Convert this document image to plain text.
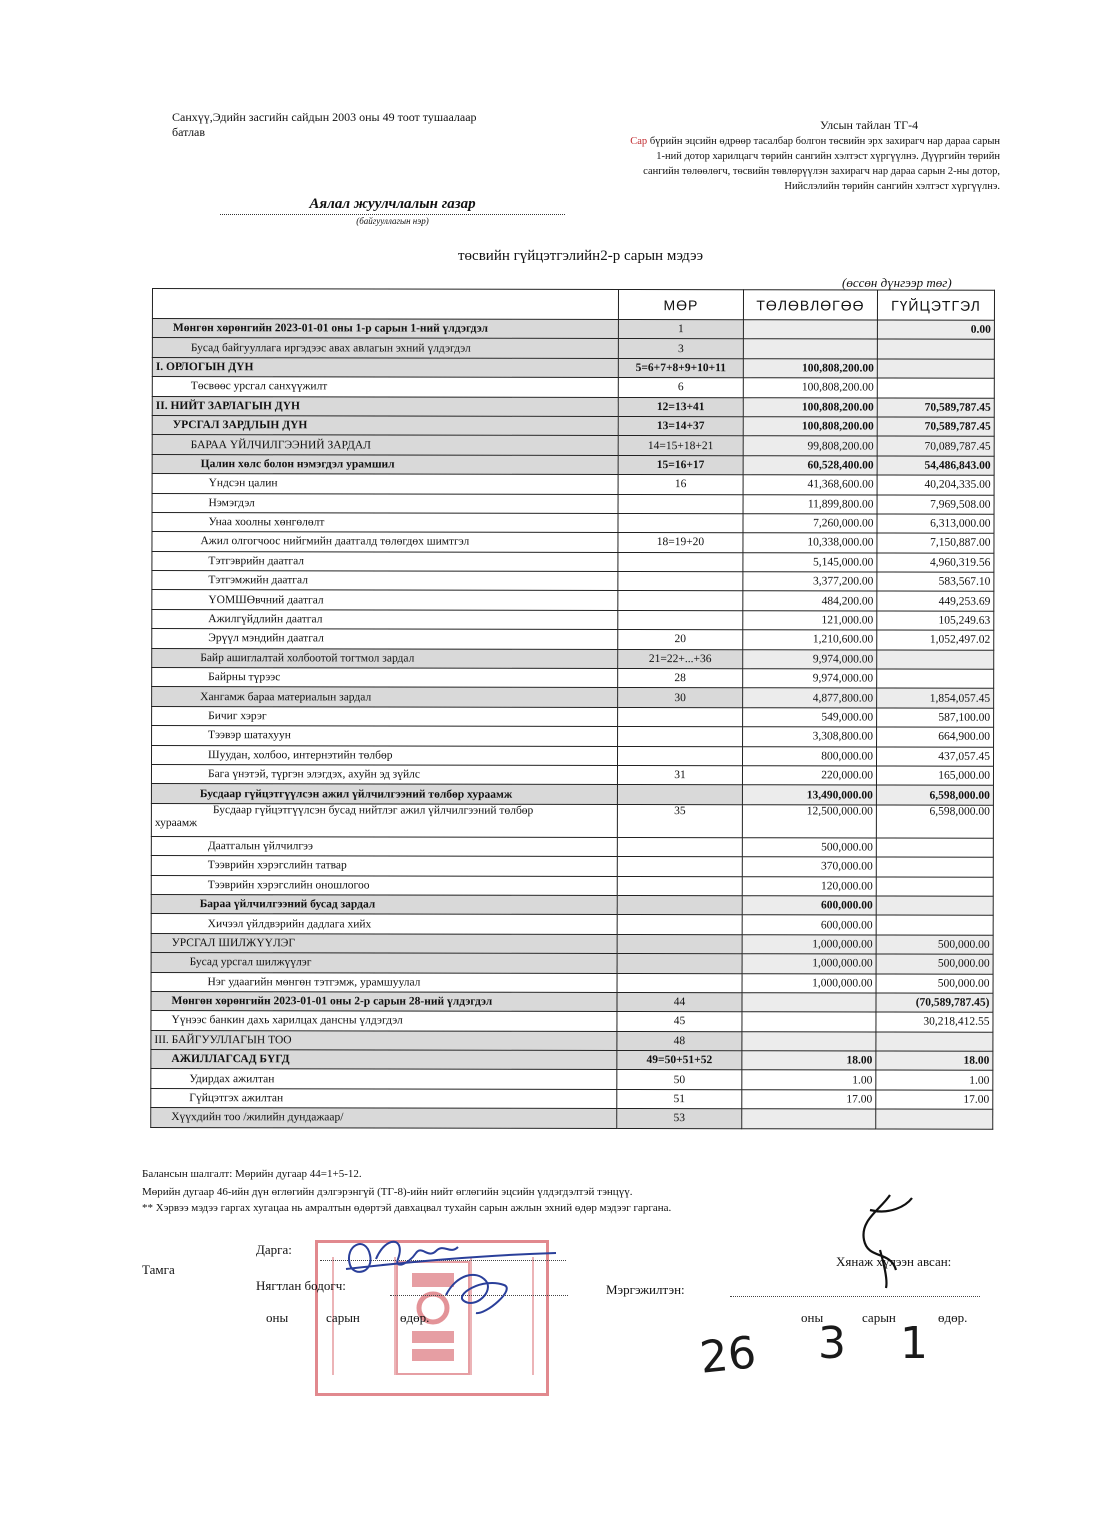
Санхүү,Эдийн засгийн сайдын 2003 оны 49 тоот тушаалаар
батлав	Улсын тайлан ТГ-4
Сар бүрийн эцсийн өдрөөр тасалбар болгон төсвийн эрх захирагч нар дараа сарын
1-ний дотор харилцагч төрийн сангийн хэлтэст хүргүүлнэ. Дүүргийн төрийн
сангийн төлөөлөгч, төсвийн төвлөрүүлэн захирагч нар дараа сарын 2-ны дотор,
Нийслэлийн төрийн сангийн хэлтэст хүргүүлнэ.
Аялал жуулчлалын газар
(байгууллагын нэр)
төсвийн гүйцэтгэлийн2-р сарын мэдээ
(өссөн дүнгээр төг)
	МӨР	ТӨЛӨВЛӨГӨӨ	ГҮЙЦЭТГЭЛ
Мөнгөн хөрөнгийн 2023-01-01 оны 1-р сарын 1-ний үлдэгдэл	1		0.00
Бусад байгууллага иргэдээс авах авлагын эхний үлдэгдэл	3		
I. ОРЛОГЫН ДҮН	5=6+7+8+9+10+11	100,808,200.00	
Төсвөөс урсгал санхүүжилт	6	100,808,200.00	
II. НИЙТ ЗАРЛАГЫН ДҮН	12=13+41	100,808,200.00	70,589,787.45
УРСГАЛ ЗАРДЛЫН ДҮН	13=14+37	100,808,200.00	70,589,787.45
БАРАА ҮЙЛЧИЛГЭЭНИЙ ЗАРДАЛ	14=15+18+21	99,808,200.00	70,089,787.45
Цалин хөлс болон нэмэгдэл урамшил	15=16+17	60,528,400.00	54,486,843.00
Үндсэн цалин	16	41,368,600.00	40,204,335.00
Нэмэгдэл		11,899,800.00	7,969,508.00
Унаа хоолны хөнгөлөлт		7,260,000.00	6,313,000.00
Ажил олгогчоос нийгмийн даатгалд төлөгдөх шимтгэл	18=19+20	10,338,000.00	7,150,887.00
Тэтгэврийн даатгал		5,145,000.00	4,960,319.56
Тэтгэмжийн даатгал		3,377,200.00	583,567.10
ҮОМШӨвчний даатгал		484,200.00	449,253.69
Ажилгүйдлийн даатгал		121,000.00	105,249.63
Эрүүл мэндийн даатгал	20	1,210,600.00	1,052,497.02
Байр ашиглалтай холбоотой тогтмол зардал	21=22+...+36	9,974,000.00	
Байрны түрээс	28	9,974,000.00	
Хангамж бараа материалын зардал	30	4,877,800.00	1,854,057.45
Бичиг хэрэг		549,000.00	587,100.00
Тээвэр шатахуун		3,308,800.00	664,900.00
Шуудан, холбоо, интернэтийн төлбөр		800,000.00	437,057.45
Бага үнэтэй, түргэн элэгдэх, ахуйн эд зүйлс	31	220,000.00	165,000.00
Бусдаар гүйцэтгүүлсэн ажил үйлчилгээний төлбөр хураамж		13,490,000.00	6,598,000.00

Бусдаар гүйцэтгүүлсэн бусад нийтлэг ажил үйлчилгээний төлбөр
хураамж	35	12,500,000.00	6,598,000.00
Даатгалын үйлчилгээ		500,000.00	
Тээврийн хэрэгслийн татвар		370,000.00	
Тээврийн хэрэгслийн оношлогоо		120,000.00	
Бараа үйлчилгээний бусад зардал		600,000.00	
Хичээл үйлдвэрийн дадлага хийх		600,000.00	
УРСГАЛ ШИЛЖҮҮЛЭГ		1,000,000.00	500,000.00
Бусад урсгал шилжүүлэг		1,000,000.00	500,000.00
Нэг удаагийн мөнгөн тэтгэмж, урамшуулал		1,000,000.00	500,000.00
Мөнгөн хөрөнгийн 2023-01-01 оны 2-р сарын 28-ний үлдэгдэл	44		(70,589,787.45)
Үүнээс банкин дахь харилцах дансны үлдэгдэл	45		30,218,412.55
III. БАЙГУУЛЛАГЫН ТОО	48		
АЖИЛЛАГСАД БҮГД	49=50+51+52	18.00	18.00
Удирдах ажилтан	50	1.00	1.00
Гүйцэтгэх ажилтан	51	17.00	17.00
Хүүхдийн тоо /жилийн дундажаар/	53		
Балансын шалгалт: Мөрийн дугаар 44=1+5-12.
Мөрийн дугаар 46-ийн дүн өглөгийн дэлгэрэнгүй (ТГ-8)-ийн нийт өглөгийн эцсийн үлдэгдэлтэй тэнцүү.
** Хэрвээ мэдээ гаргах хугацаа нь амралтын өдөртэй давхацвал тухайн сарын ажлын эхний өдөр мэдээг гаргана.
Тамга
Дарга:
Нягтлан бодогч:
оны	сарын	өдөр.
Хянаж хүлээн авсан:
Мэргэжилтэн:
оны	сарын	өдөр.
26 3 1
